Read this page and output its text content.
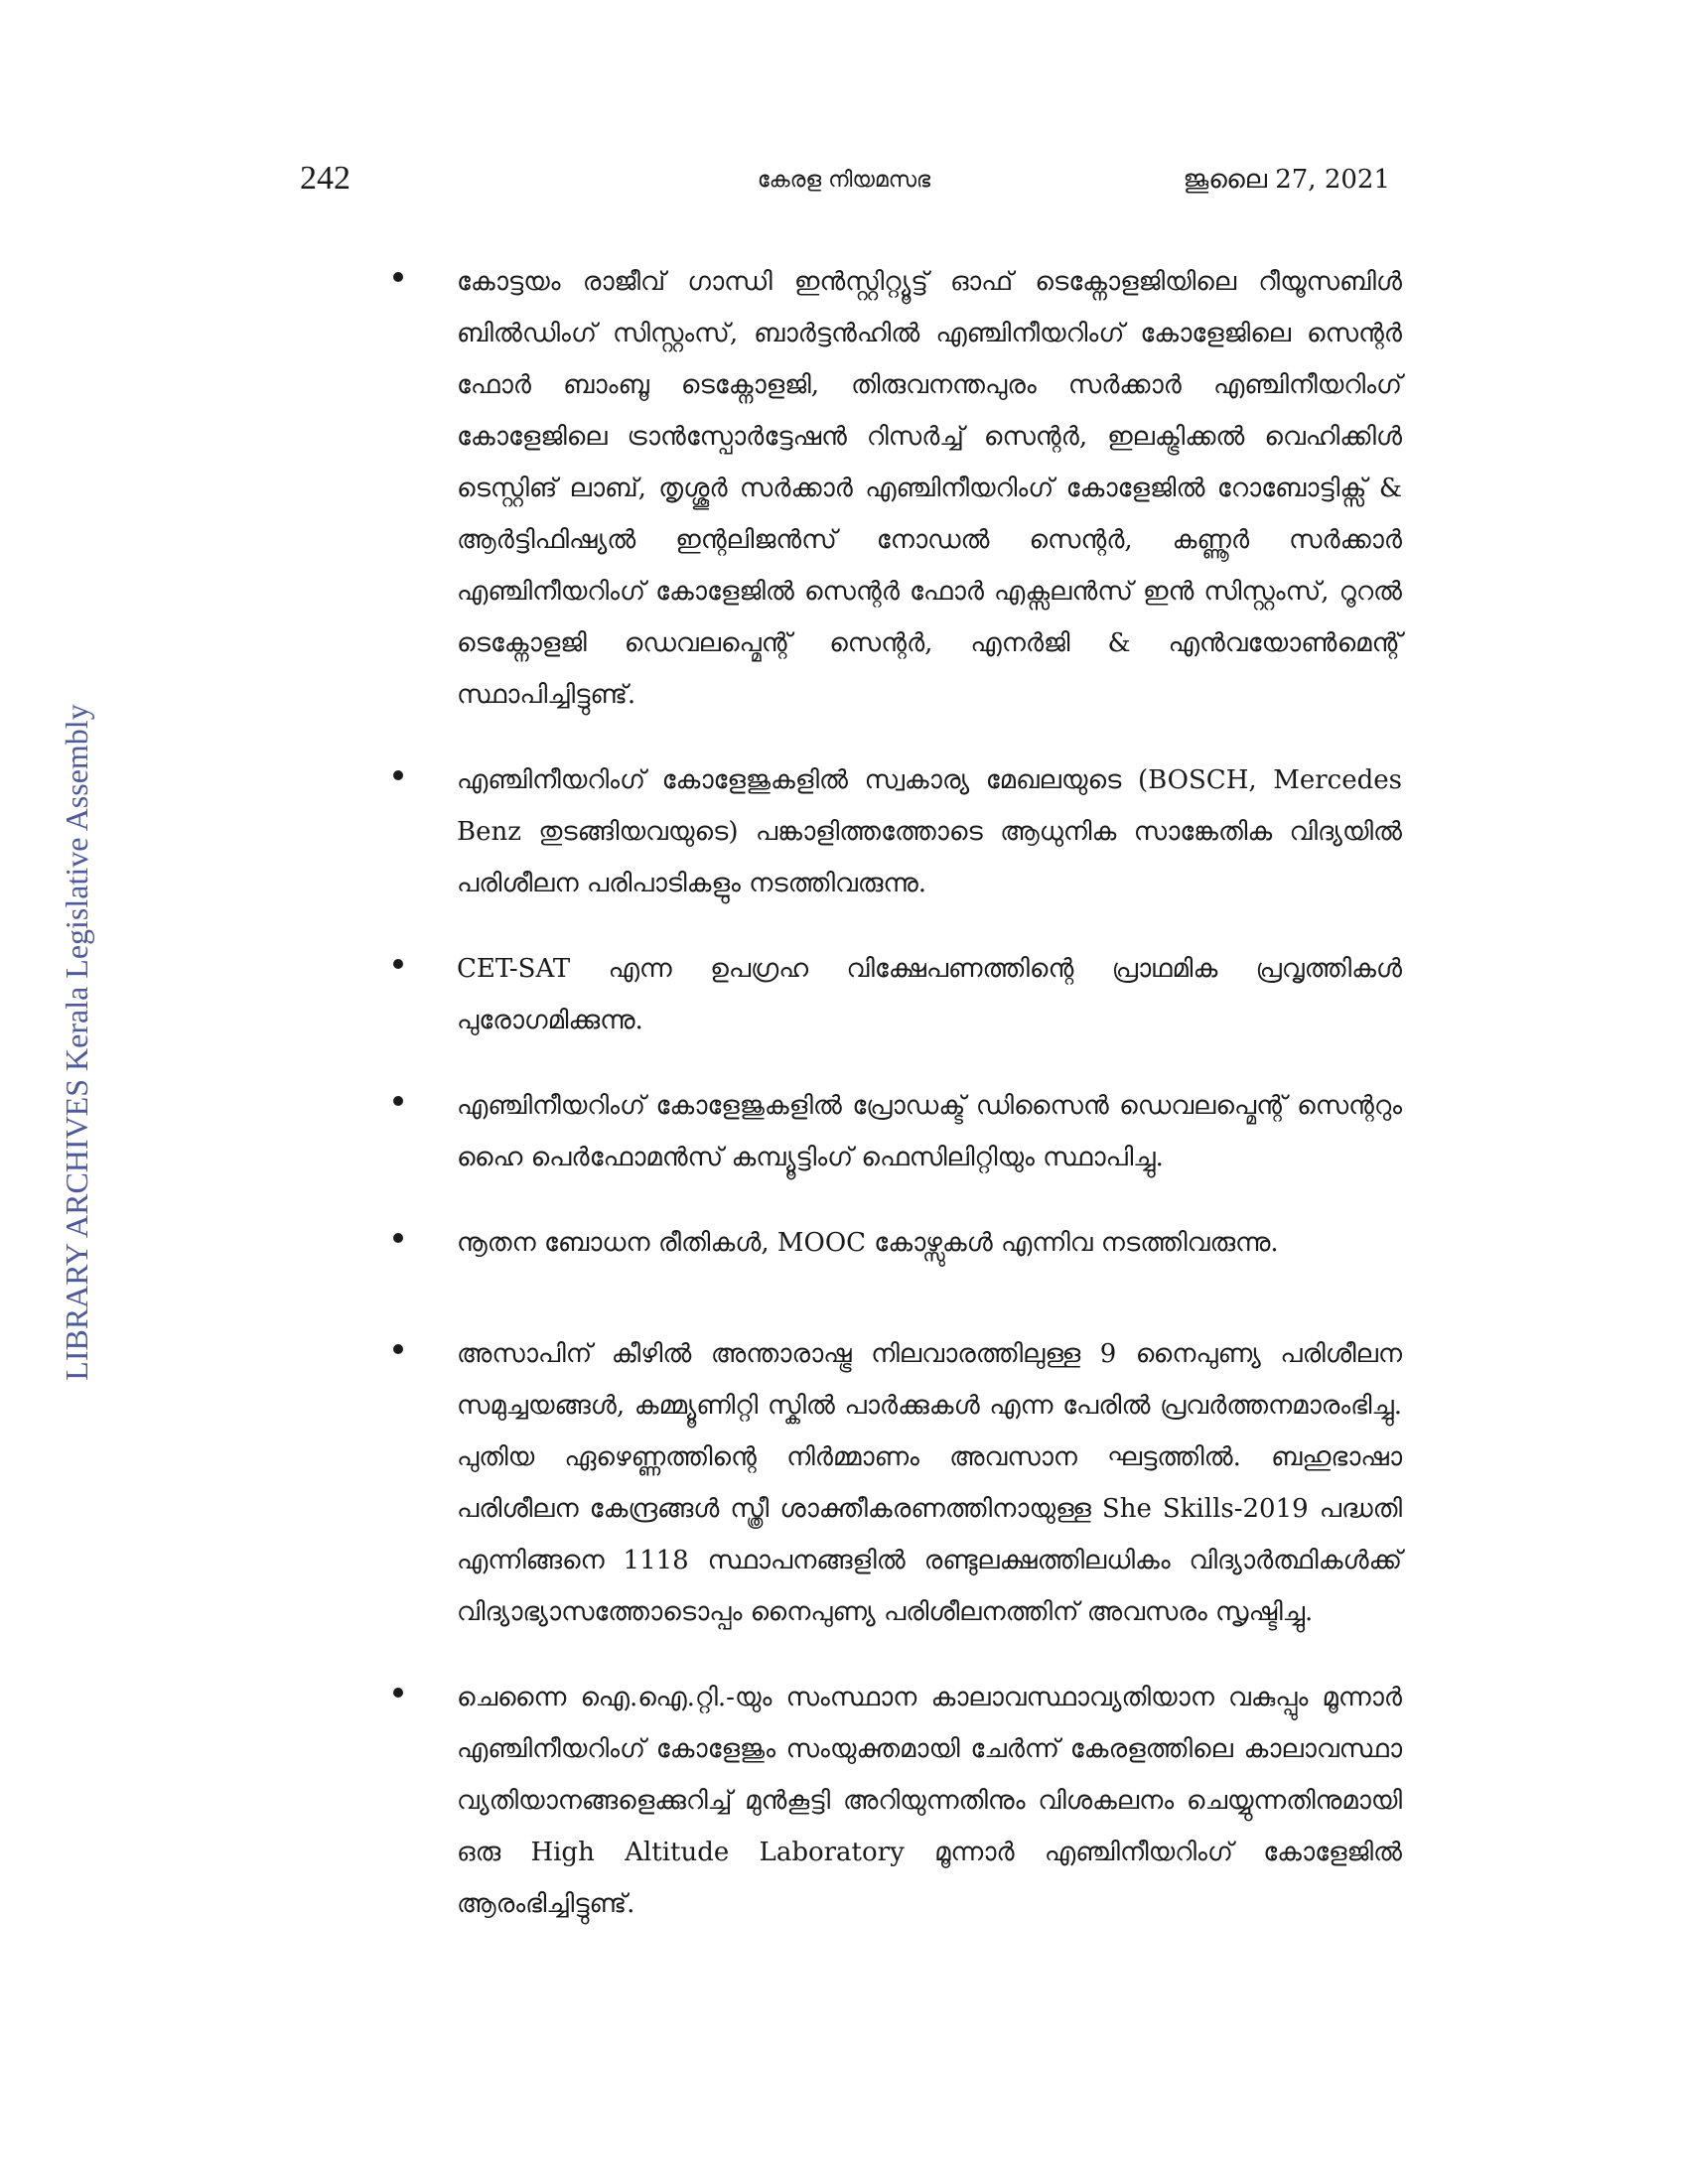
242	കേരള നിയമസഭ	ജൂലൈ 27, 2021
LIBRARY ARCHIVES Kerala Legislative Assembly
കോട്ടയം രാജീവ് ഗാന്ധി ഇൻസ്റ്റിറ്റ്യൂട്ട് ഓഫ് ടെക്നോളജിയിലെ റീയൂസബിൾ ബിൽഡിംഗ് സിസ്റ്റംസ്, ബാർട്ടൻഹിൽ എഞ്ചിനീയറിംഗ് കോളേജിലെ സെന്റർ ഫോർ ബാംബൂ ടെക്നോളജി, തിരുവനന്തപുരം സർക്കാർ എഞ്ചിനീയറിംഗ് കോളേജിലെ ട്രാൻസ്പോർട്ടേഷൻ റിസർച്ച് സെന്റർ, ഇലക്ട്രിക്കൽ വെഹിക്കിൾ ടെസ്റ്റിങ് ലാബ്, തൃശ്ശൂർ സർക്കാർ എഞ്ചിനീയറിംഗ് കോളേജിൽ റോബോട്ടിക്സ് & ആർട്ടിഫിഷ്യൽ ഇന്റലിജൻസ് നോഡൽ സെന്റർ, കണ്ണൂർ സർക്കാർ എഞ്ചിനീയറിംഗ് കോളേജിൽ സെന്റർ ഫോർ എക്സലൻസ് ഇൻ സിസ്റ്റംസ്, റൂറൽ ടെക്നോളജി ഡെവലപ്മെന്റ് സെന്റർ, എനർജി & എൻവയോൺമെന്റ് സ്ഥാപിച്ചിട്ടുണ്ട്.
എഞ്ചിനീയറിംഗ് കോളേജുകളിൽ സ്വകാര്യ മേഖലയുടെ (BOSCH, Mercedes Benz തുടങ്ങിയവയുടെ) പങ്കാളിത്തത്തോടെ ആധുനിക സാങ്കേതിക വിദ്യയിൽ പരിശീലന പരിപാടികളും നടത്തിവരുന്നു.
CET-SAT എന്ന ഉപഗ്രഹ വിക്ഷേപണത്തിന്റെ പ്രാഥമിക പ്രവൃത്തികൾ പുരോഗമിക്കുന്നു.
എഞ്ചിനീയറിംഗ് കോളേജുകളിൽ പ്രോഡക്ട് ഡിസൈൻ ഡെവലപ്മെന്റ് സെന്ററും ഹൈ പെർഫോമൻസ് കമ്പ്യൂട്ടിംഗ് ഫെസിലിറ്റിയും സ്ഥാപിച്ചു.
നൂതന ബോധന രീതികൾ, MOOC കോഴ്സുകൾ എന്നിവ നടത്തിവരുന്നു.
അസാപിന് കീഴിൽ അന്താരാഷ്ട്ര നിലവാരത്തിലുള്ള 9 നൈപുണ്യ പരിശീലന സമുച്ചയങ്ങൾ, കമ്മ്യൂണിറ്റി സ്കിൽ പാർക്കുകൾ എന്ന പേരിൽ പ്രവർത്തനമാരംഭിച്ചു. പുതിയ ഏഴെണ്ണത്തിന്റെ നിർമ്മാണം അവസാന ഘട്ടത്തിൽ. ബഹുഭാഷാ പരിശീലന കേന്ദ്രങ്ങൾ സ്ത്രീ ശാക്തീകരണത്തിനായുള്ള She Skills-2019 പദ്ധതി എന്നിങ്ങനെ 1118 സ്ഥാപനങ്ങളിൽ രണ്ടുലക്ഷത്തിലധികം വിദ്യാർത്ഥികൾക്ക് വിദ്യാഭ്യാസത്തോടൊപ്പം നൈപുണ്യ പരിശീലനത്തിന് അവസരം സൃഷ്ടിച്ചു.
ചെന്നൈ ഐ.ഐ.റ്റി.-യും സംസ്ഥാന കാലാവസ്ഥാവ്യതിയാന വകുപ്പും മൂന്നാർ എഞ്ചിനീയറിംഗ് കോളേജും സംയുക്തമായി ചേർന്ന് കേരളത്തിലെ കാലാവസ്ഥാ വ്യതിയാനങ്ങളെക്കുറിച്ച് മുൻകൂട്ടി അറിയുന്നതിനും വിശകലനം ചെയ്യുന്നതിനുമായി ഒരു High Altitude Laboratory മൂന്നാർ എഞ്ചിനീയറിംഗ് കോളേജിൽ ആരംഭിച്ചിട്ടുണ്ട്.
